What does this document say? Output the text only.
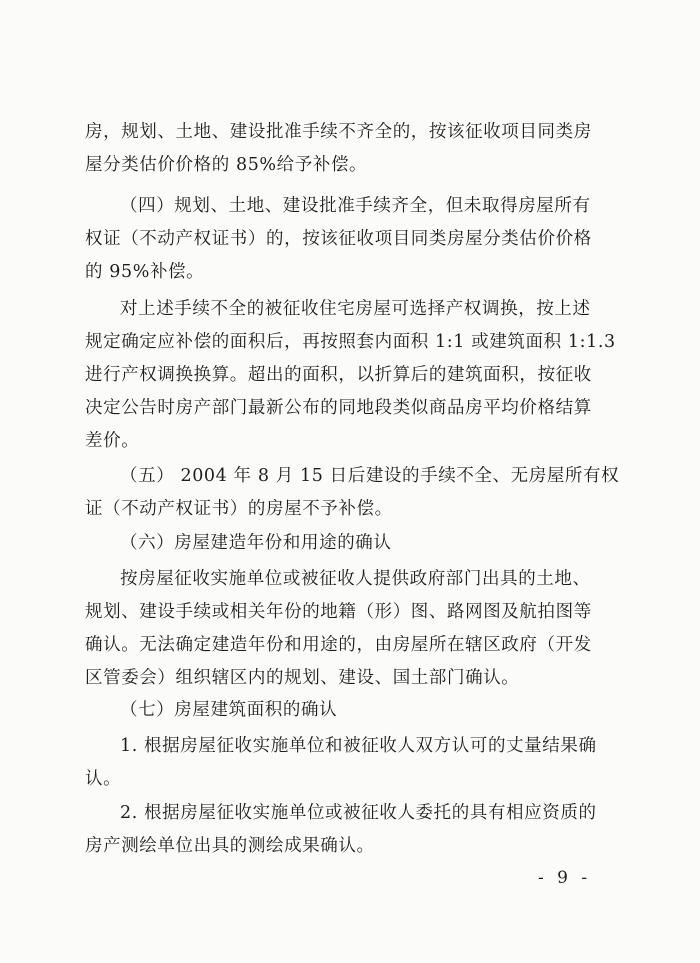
房，规划、土地、建设批准手续不齐全的，按该征收项目同类房
屋分类估价价格的 85%给予补偿。
（四）规划、土地、建设批准手续齐全，但未取得房屋所有
权证（不动产权证书）的，按该征收项目同类房屋分类估价价格
的 95%补偿。
对上述手续不全的被征收住宅房屋可选择产权调换，按上述
规定确定应补偿的面积后，再按照套内面积 1:1 或建筑面积 1:1.3
进行产权调换换算。超出的面积，以折算后的建筑面积，按征收
决定公告时房产部门最新公布的同地段类似商品房平均价格结算
差价。
（五） 2004 年 8 月 15 日后建设的手续不全、无房屋所有权
证（不动产权证书）的房屋不予补偿。
（六）房屋建造年份和用途的确认
按房屋征收实施单位或被征收人提供政府部门出具的土地、
规划、建设手续或相关年份的地籍（形）图、路网图及航拍图等
确认。无法确定建造年份和用途的，由房屋所在辖区政府（开发
区管委会）组织辖区内的规划、建设、国土部门确认。
（七）房屋建筑面积的确认
1. 根据房屋征收实施单位和被征收人双方认可的丈量结果确
认。
2. 根据房屋征收实施单位或被征收人委托的具有相应资质的
房产测绘单位出具的测绘成果确认。
- 9 -
